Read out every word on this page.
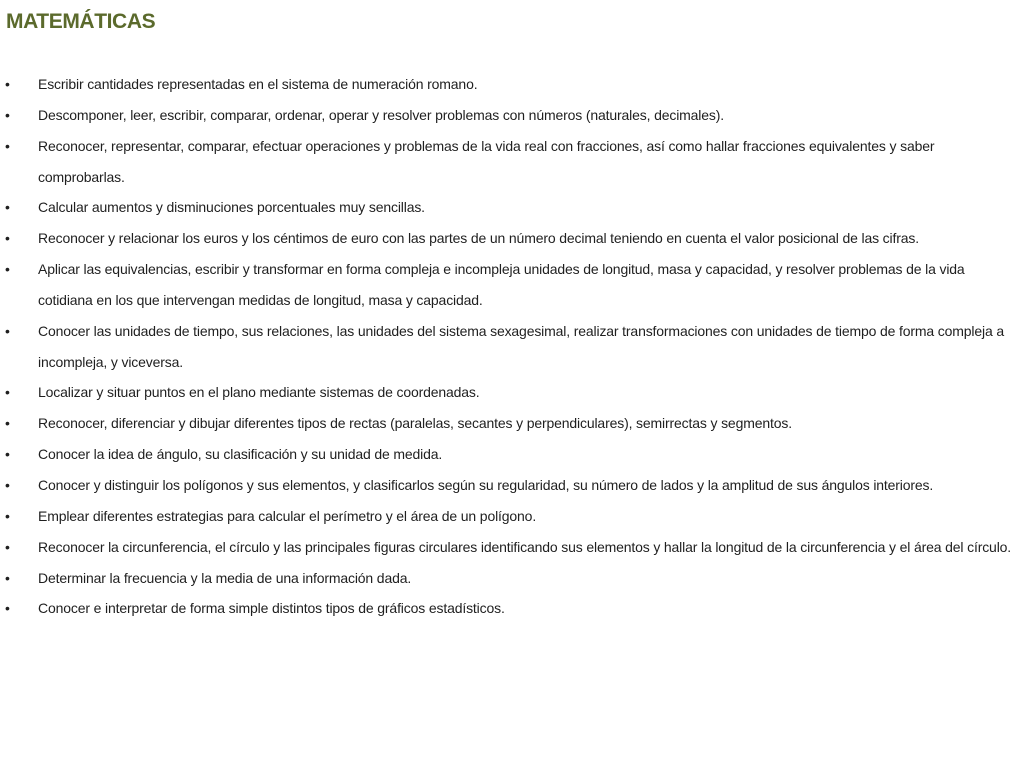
MATEMÁTICAS
• Escribir cantidades representadas en el sistema de numeración romano.
• Descomponer, leer, escribir, comparar, ordenar, operar y resolver problemas con números (naturales, decimales).
• Reconocer, representar, comparar, efectuar operaciones y problemas de la vida real con fracciones, así como hallar fracciones equivalentes y saber comprobarlas.
• Calcular aumentos y disminuciones porcentuales muy sencillas.
• Reconocer y relacionar los euros y los céntimos de euro con las partes de un número decimal teniendo en cuenta el valor posicional de las cifras.
• Aplicar las equivalencias, escribir y transformar en forma compleja e incompleja unidades de longitud, masa y capacidad, y resolver problemas de la vida cotidiana en los que intervengan medidas de longitud, masa y capacidad.
• Conocer las unidades de tiempo, sus relaciones, las unidades del sistema sexagesimal, realizar transformaciones con unidades de tiempo de forma compleja a incompleja, y viceversa.
• Localizar y situar puntos en el plano mediante sistemas de coordenadas.
• Reconocer, diferenciar y dibujar diferentes tipos de rectas (paralelas, secantes y perpendiculares), semirrectas y segmentos.
• Conocer la idea de ángulo, su clasificación y su unidad de medida.
• Conocer y distinguir los polígonos y sus elementos, y clasificarlos según su regularidad, su número de lados y la amplitud de sus ángulos interiores.
• Emplear diferentes estrategias para calcular el perímetro y el área de un polígono.
• Reconocer la circunferencia, el círculo y las principales figuras circulares identificando sus elementos y hallar la longitud de la circunferencia y el área del círculo.
• Determinar la frecuencia y la media de una información dada.
• Conocer e interpretar de forma simple distintos tipos de gráficos estadísticos.
